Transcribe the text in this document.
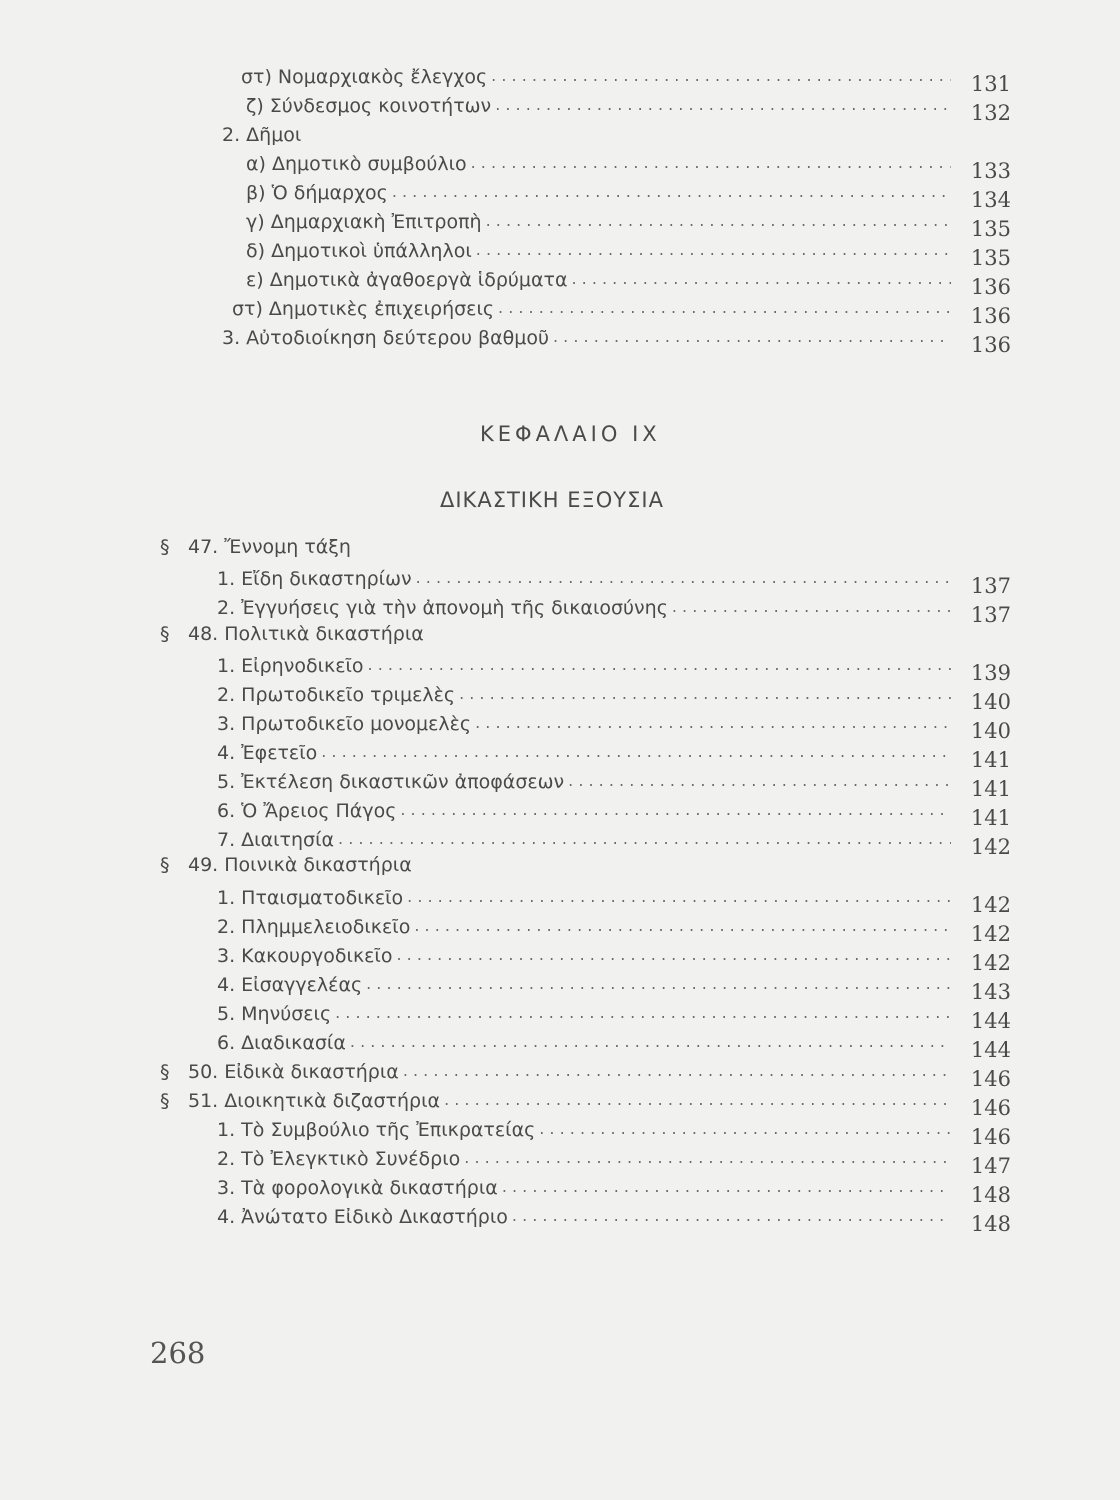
στ) Νομαρχιακὸς ἔλεγχος . . .	131
ζ) Σύνδεσμος κοινοτήτων . . .	132
2. Δῆμοι
α) Δημοτικὸ συμβούλιο . . .	133
β) Ὁ δήμαρχος . . .	134
γ) Δημαρχιακὴ Ἐπιτροπὴ . . .	135
δ) Δημοτικοὶ ὑπάλληλοι . . .	135
ε) Δημοτικὰ ἀγαθοεργὰ ἱδρύματα . . .	136
στ) Δημοτικὲς ἐπιχειρήσεις . . .	136
3. Αὐτοδιοίκηση δεύτερου βαθμοῦ . . .	136
ΚΕΦΑΛΑΙΟ IX
ΔΙΚΑΣΤΙΚΗ ΕΞΟΥΣΙΑ
§ 47. Ἔννομη τάξη
1. Εἴδη δικαστηρίων . . .	137
2. Ἐγγυήσεις γιὰ τὴν ἀπονομὴ τῆς δικαιοσύνης . . .	137
§ 48. Πολιτικὰ δικαστήρια
1. Εἰρηνοδικεῖο . . .	139
2. Πρωτοδικεῖο τριμελὲς . . .	140
3. Πρωτοδικεῖο μονομελὲς . . .	140
4. Ἐφετεῖο . . .	141
5. Ἐκτέλεση δικαστικῶν ἀποφάσεων . . .	141
6. Ὁ Ἄρειος Πάγος . . .	141
7. Διαιτησία . . .	142
§ 49. Ποινικὰ δικαστήρια
1. Πταισματοδικεῖο . . .	142
2. Πλημμελειοδικεῖο . . .	142
3. Κακουργοδικεῖο . . .	142
4. Εἰσαγγελέας . . .	143
5. Μηνύσεις . . .	144
6. Διαδικασία . . .	144
§ 50. Εἰδικὰ δικαστήρια . . .	146
§ 51. Διοικητικὰ διζαστήρια . . .	146
1. Τὸ Συμβούλιο τῆς Ἐπικρατείας . . .	146
2. Τὸ Ἐλεγκτικὸ Συνέδριο . . .	147
3. Τὰ φορολογικὰ δικαστήρια . . .	148
4. Ἀνώτατο Εἰδικὸ Δικαστήριο . . .	148
268
